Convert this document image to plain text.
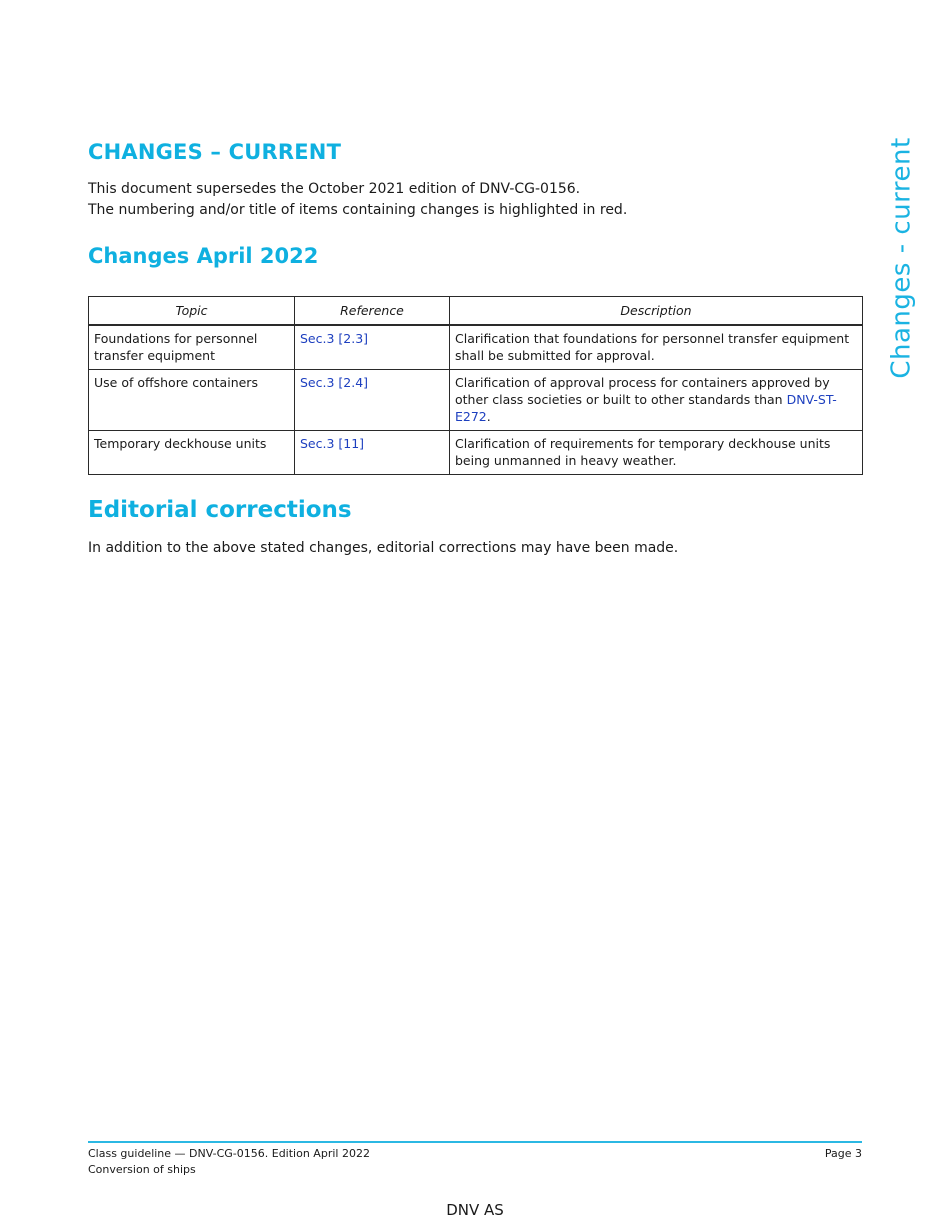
CHANGES – CURRENT
This document supersedes the October 2021 edition of DNV-CG-0156.
The numbering and/or title of items containing changes is highlighted in red.	Changes - current
Changes April 2022
Topic	Reference	Description
Foundations for personnel transfer equipment	Sec.3 [2.3]	Clarification that foundations for personnel transfer equipment shall be submitted for approval.
Use of offshore containers	Sec.3 [2.4]	Clarification of approval process for containers approved by other class societies or built to other standards than DNV-ST-E272.
Temporary deckhouse units	Sec.3 [11]	Clarification of requirements for temporary deckhouse units being unmanned in heavy weather.
Editorial corrections

In addition to the above stated changes, editorial corrections may have been made.

Class guideline — DNV-CG-0156. Edition April 2022
Conversion of ships
Page 3
DNV AS
